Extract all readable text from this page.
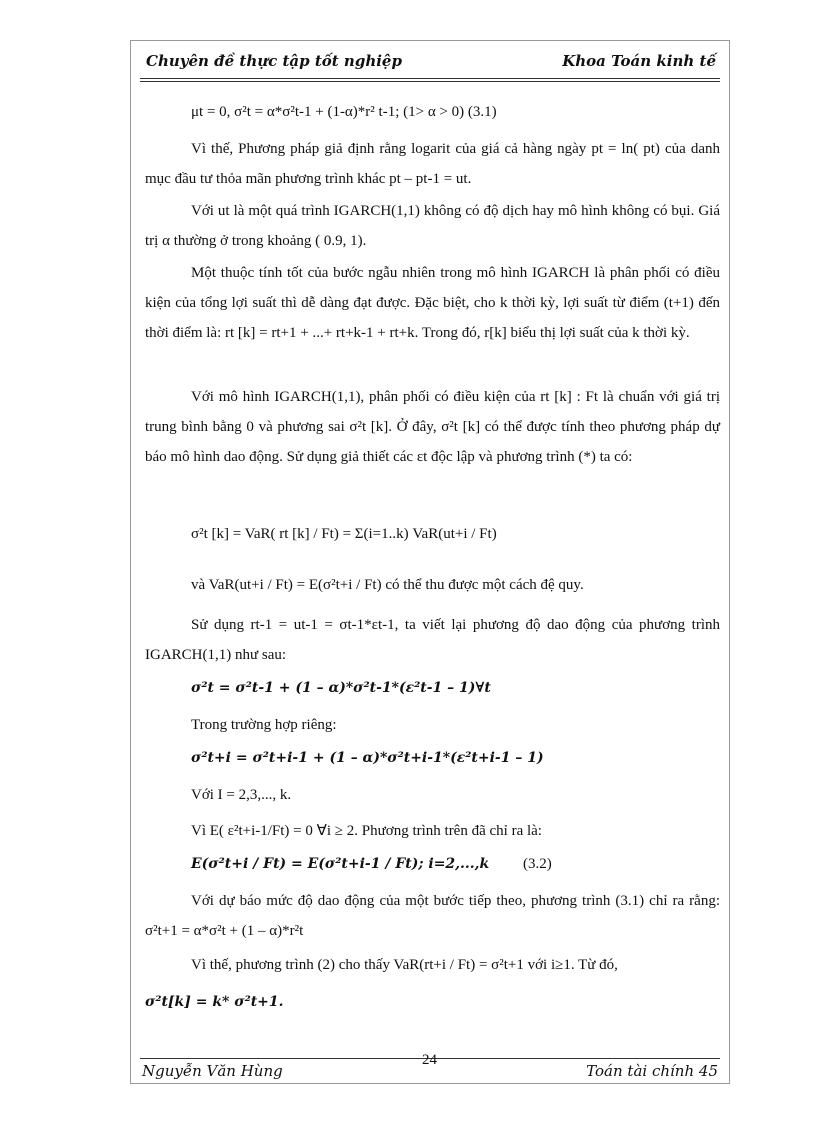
Chuyên đề thực tập tốt nghiệp	Khoa Toán kinh tế
μt = 0, σ²t = α*σ²t-1 + (1-α)*r² t-1; (1> α > 0) (3.1)
Vì thế, Phương pháp giả định rằng logarit của giá cả hàng ngày pt = ln( pt) của danh mục đầu tư thỏa mãn phương trình khác pt – pt-1 = ut.
Với ut là một quá trình IGARCH(1,1) không có độ dịch hay mô hình không có bụi. Giá trị α thường ở trong khoảng ( 0.9, 1).
Một thuộc tính tốt của bước ngẫu nhiên trong mô hình IGARCH là phân phối có điều kiện của tổng lợi suất thì dễ dàng đạt được. Đặc biệt, cho k thời kỳ, lợi suất từ điểm (t+1) đến thời điểm là: rt [k] = rt+1 + ...+ rt+k-1 + rt+k. Trong đó, r[k] biểu thị lợi suất của k thời kỳ.
Với mô hình IGARCH(1,1), phân phối có điều kiện của rt [k] : Ft là chuẩn với giá trị trung bình bằng 0 và phương sai σ²t [k]. Ở đây, σ²t [k] có thể được tính theo phương pháp dự báo mô hình dao động. Sử dụng giả thiết các εt độc lập và phương trình (*) ta có:
σ²t [k] = VaR( rt [k] / Ft) = Σ(i=1..k) VaR(ut+i / Ft)
và VaR(ut+i / Ft) = E(σ²t+i / Ft) có thể thu được một cách đệ quy.
Sử dụng rt-1 = ut-1 = σt-1*εt-1, ta viết lại phương độ dao động của phương trình IGARCH(1,1) như sau:
σ²t = σ²t-1 + (1 – α)*σ²t-1*(ε²t-1 – 1)∀t
Trong trường hợp riêng:
σ²t+i = σ²t+i-1 + (1 – α)*σ²t+i-1*(ε²t+i-1 – 1)
Với I = 2,3,..., k.
Vì E( ε²t+i-1/Ft) = 0 ∀i ≥ 2. Phương trình trên đã chỉ ra là:
E(σ²t+i / Ft) = E(σ²t+i-1 / Ft); i=2,...,k (3.2)
Với dự báo mức độ dao động của một bước tiếp theo, phương trình (3.1) chỉ ra rằng: σ²t+1 = α*σ²t + (1 – α)*r²t
Vì thế, phương trình (2) cho thấy VaR(rt+i / Ft) = σ²t+1 với i≥1. Từ đó,
σ²t[k] = k* σ²t+1.
Nguyễn Văn Hùng
24
Toán tài chính 45
